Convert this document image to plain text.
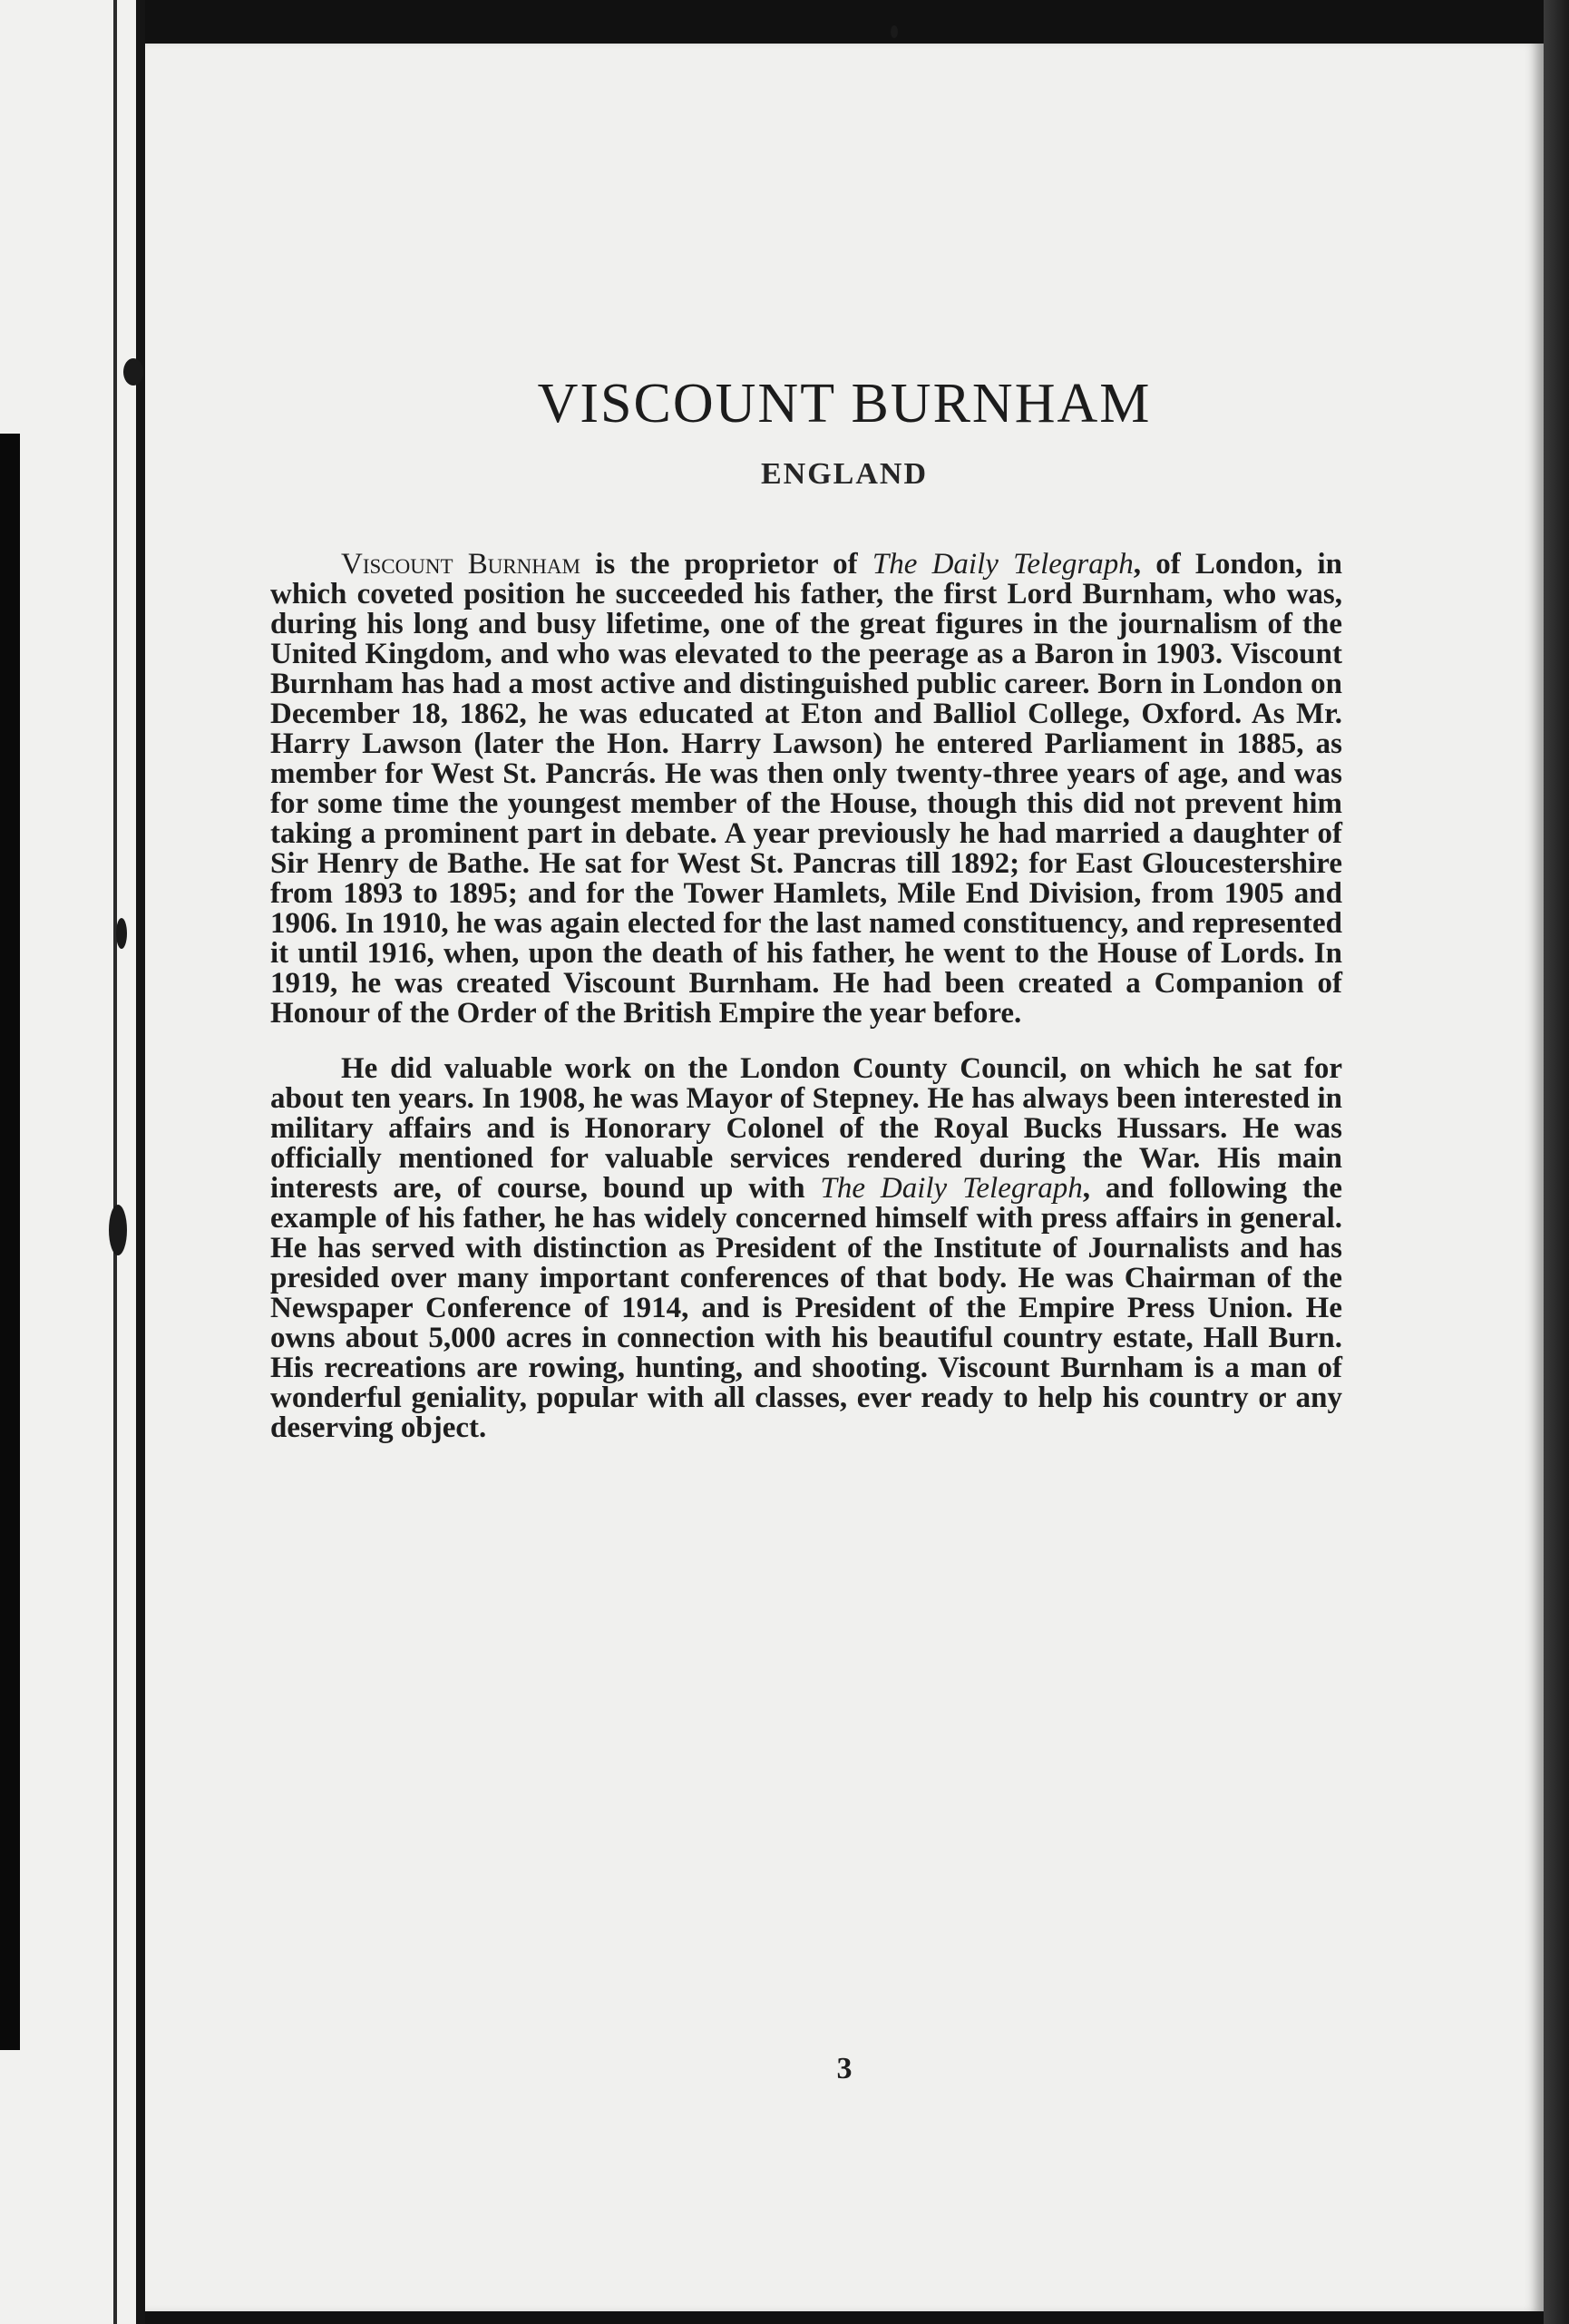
VISCOUNT BURNHAM
ENGLAND

Viscount Burnham is the proprietor of The Daily Telegraph, of London, in which coveted position he succeeded his father, the first Lord Burnham, who was, during his long and busy lifetime, one of the great figures in the journalism of the United Kingdom, and who was elevated to the peerage as a Baron in 1903. Viscount Burnham has had a most active and distinguished public career. Born in London on December 18, 1862, he was educated at Eton and Balliol College, Oxford. As Mr. Harry Lawson (later the Hon. Harry Lawson) he entered Parliament in 1885, as member for West St. Pancrás. He was then only twenty-three years of age, and was for some time the youngest member of the House, though this did not prevent him taking a prominent part in debate. A year previously he had married a daughter of Sir Henry de Bathe. He sat for West St. Pancras till 1892; for East Gloucestershire from 1893 to 1895; and for the Tower Hamlets, Mile End Division, from 1905 and 1906. In 1910, he was again elected for the last named constituency, and represented it until 1916, when, upon the death of his father, he went to the House of Lords. In 1919, he was created Viscount Burnham. He had been created a Companion of Honour of the Order of the British Empire the year before.

He did valuable work on the London County Council, on which he sat for about ten years. In 1908, he was Mayor of Stepney. He has always been interested in military affairs and is Honorary Colonel of the Royal Bucks Hussars. He was officially mentioned for valuable services rendered during the War. His main interests are, of course, bound up with The Daily Telegraph, and following the example of his father, he has widely concerned himself with press affairs in general. He has served with distinction as President of the Institute of Journalists and has presided over many important conferences of that body. He was Chairman of the Newspaper Conference of 1914, and is President of the Empire Press Union. He owns about 5,000 acres in connection with his beautiful country estate, Hall Burn. His recreations are rowing, hunting, and shooting. Viscount Burnham is a man of wonderful geniality, popular with all classes, ever ready to help his country or any deserving object.

3
